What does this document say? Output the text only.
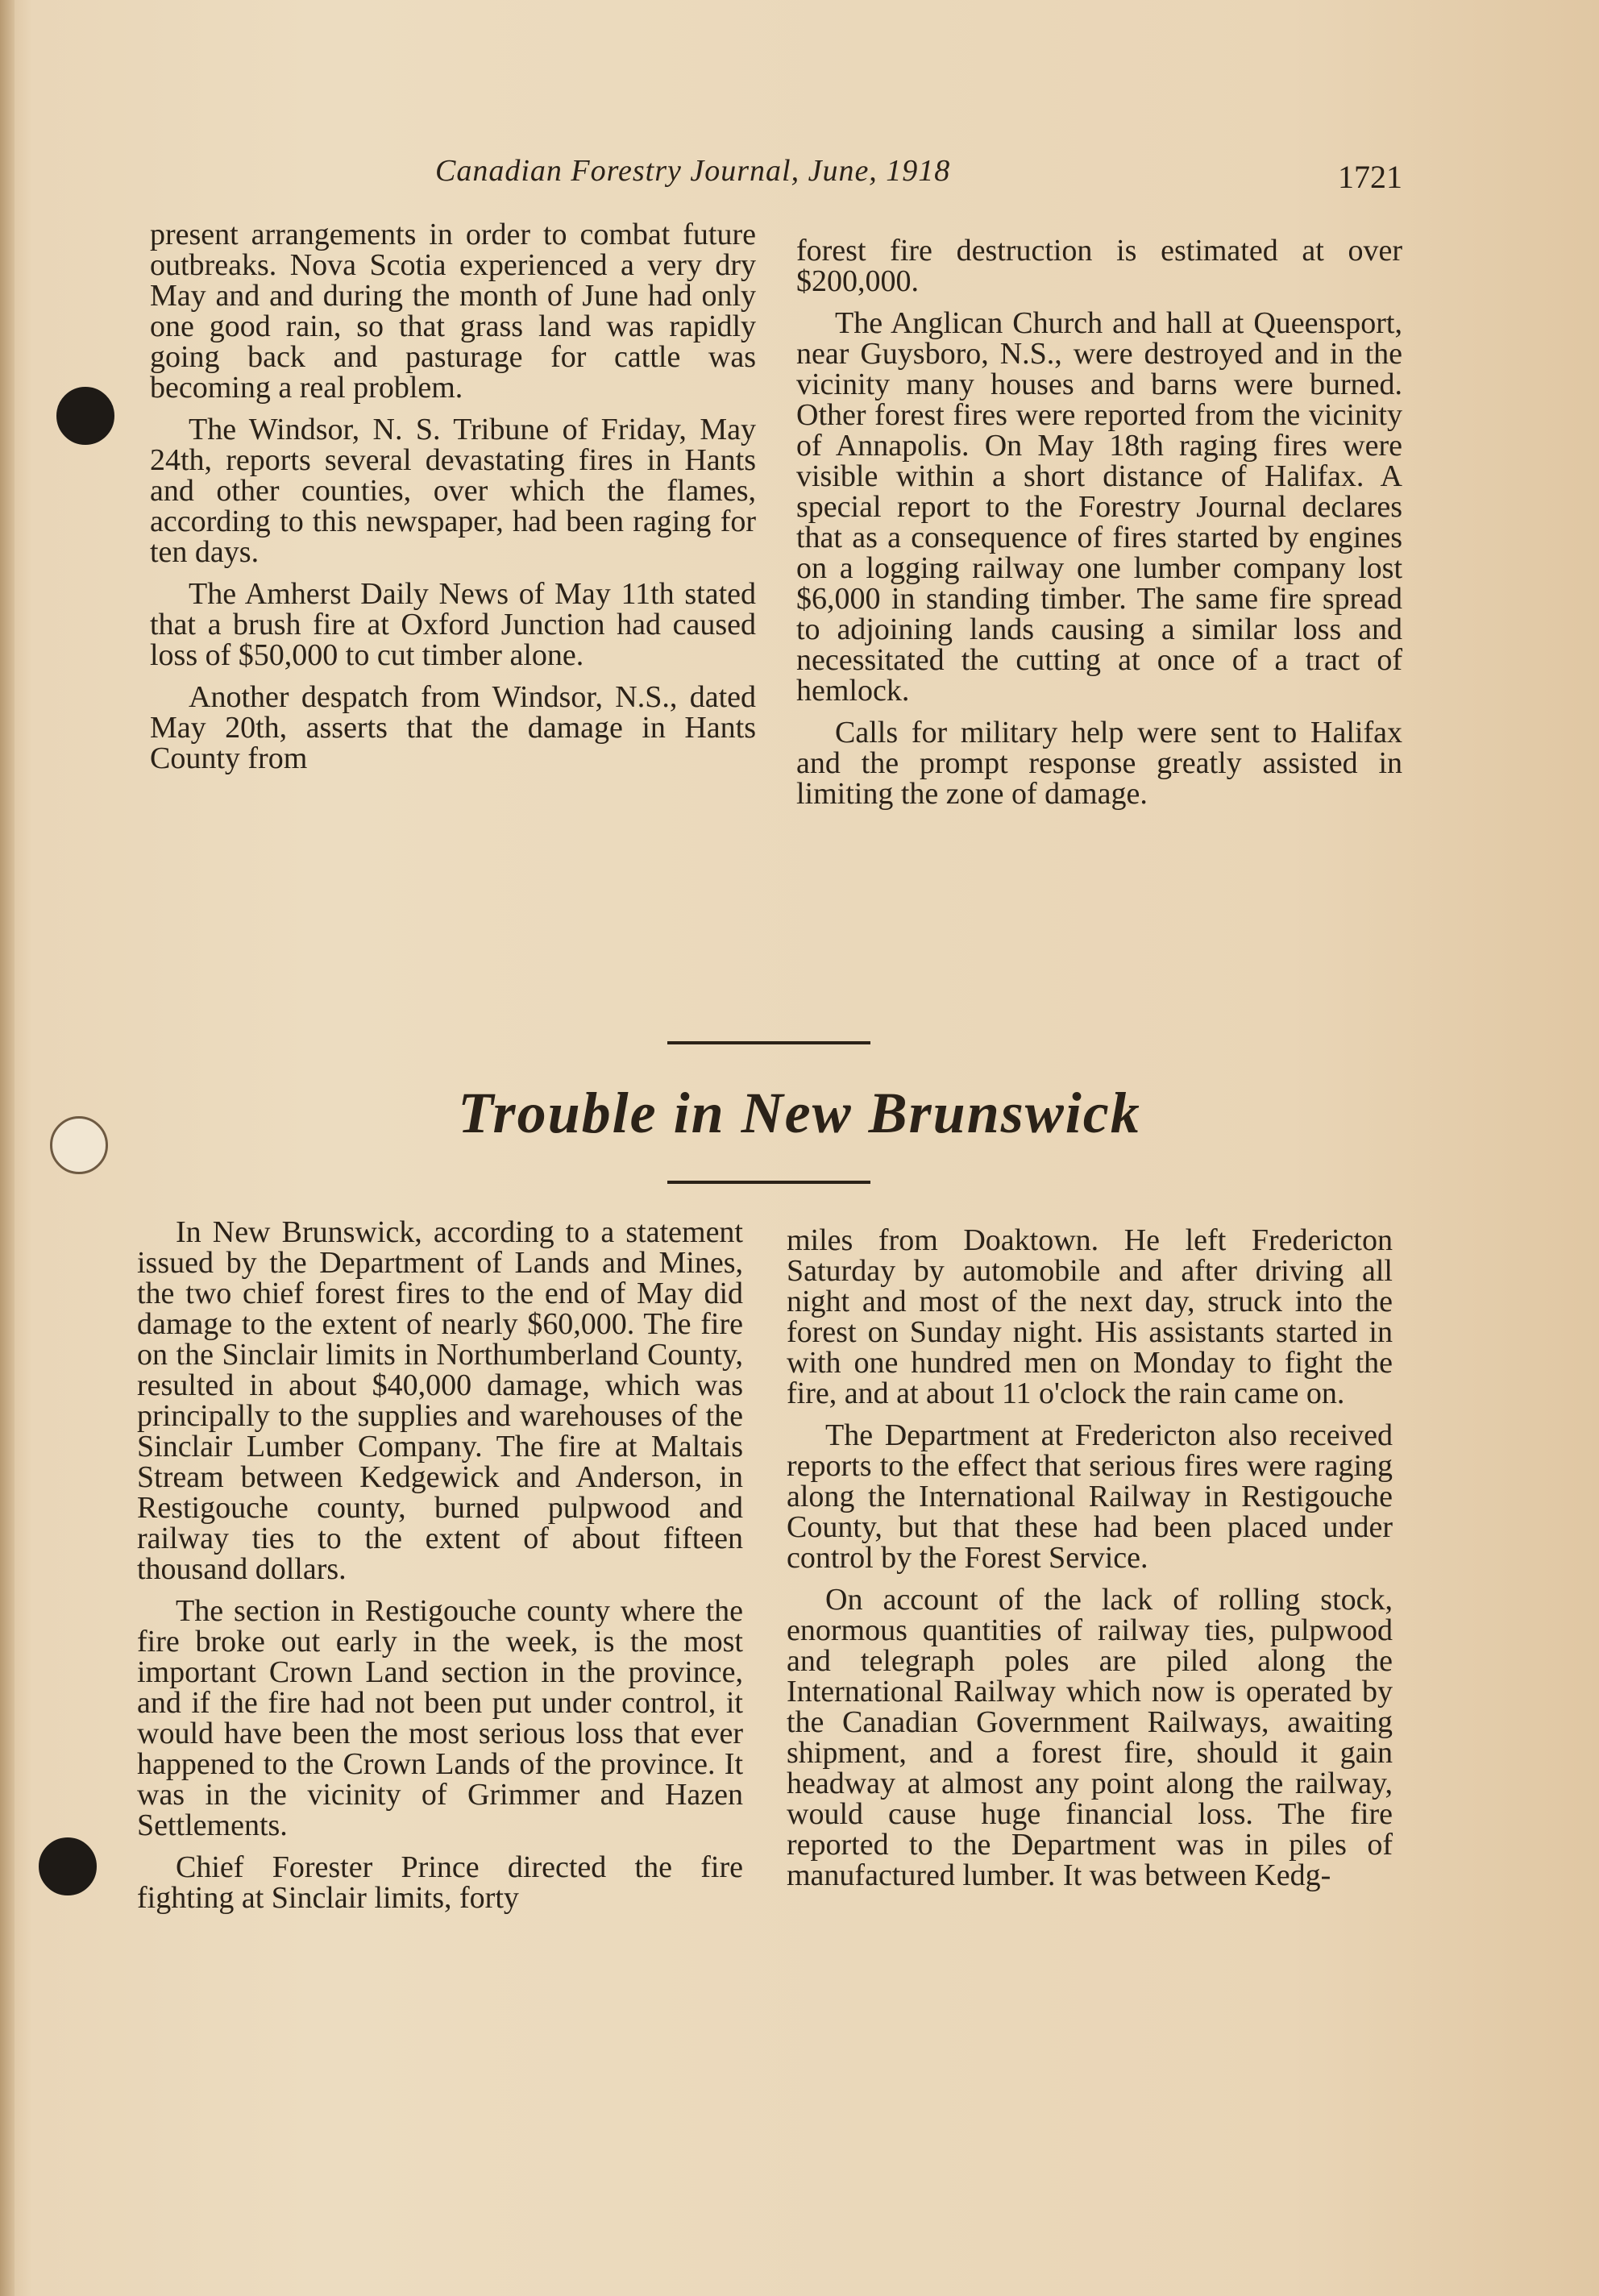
Canadian Forestry Journal, June, 1918	1721

present arrangements in order to combat future outbreaks. Nova Scotia experienced a very dry May and and during the month of June had only one good rain, so that grass land was rapidly going back and pasturage for cattle was becoming a real problem.

The Windsor, N. S. Tribune of Friday, May 24th, reports several devastating fires in Hants and other counties, over which the flames, according to this newspaper, had been raging for ten days.

The Amherst Daily News of May 11th stated that a brush fire at Oxford Junction had caused loss of $50,000 to cut timber alone.

Another despatch from Windsor, N.S., dated May 20th, asserts that the damage in Hants County from

forest fire destruction is estimated at over $200,000.

The Anglican Church and hall at Queensport, near Guysboro, N.S., were destroyed and in the vicinity many houses and barns were burned. Other forest fires were reported from the vicinity of Annapolis. On May 18th raging fires were visible within a short distance of Halifax. A special report to the Forestry Journal declares that as a consequence of fires started by engines on a logging railway one lumber company lost $6,000 in standing timber. The same fire spread to adjoining lands causing a similar loss and necessitated the cutting at once of a tract of hemlock.

Calls for military help were sent to Halifax and the prompt response greatly assisted in limiting the zone of damage.

Trouble in New Brunswick

In New Brunswick, according to a statement issued by the Department of Lands and Mines, the two chief forest fires to the end of May did damage to the extent of nearly $60,000. The fire on the Sinclair limits in Northumberland County, resulted in about $40,000 damage, which was principally to the supplies and warehouses of the Sinclair Lumber Company. The fire at Maltais Stream between Kedgewick and Anderson, in Restigouche county, burned pulpwood and railway ties to the extent of about fifteen thousand dollars.

The section in Restigouche county where the fire broke out early in the week, is the most important Crown Land section in the province, and if the fire had not been put under control, it would have been the most serious loss that ever happened to the Crown Lands of the province. It was in the vicinity of Grimmer and Hazen Settlements.

Chief Forester Prince directed the fire fighting at Sinclair limits, forty

miles from Doaktown. He left Fredericton Saturday by automobile and after driving all night and most of the next day, struck into the forest on Sunday night. His assistants started in with one hundred men on Monday to fight the fire, and at about 11 o'clock the rain came on.

The Department at Fredericton also received reports to the effect that serious fires were raging along the International Railway in Restigouche County, but that these had been placed under control by the Forest Service.

On account of the lack of rolling stock, enormous quantities of railway ties, pulpwood and telegraph poles are piled along the International Railway which now is operated by the Canadian Government Railways, awaiting shipment, and a forest fire, should it gain headway at almost any point along the railway, would cause huge financial loss. The fire reported to the Department was in piles of manufactured lumber. It was between Kedg-
